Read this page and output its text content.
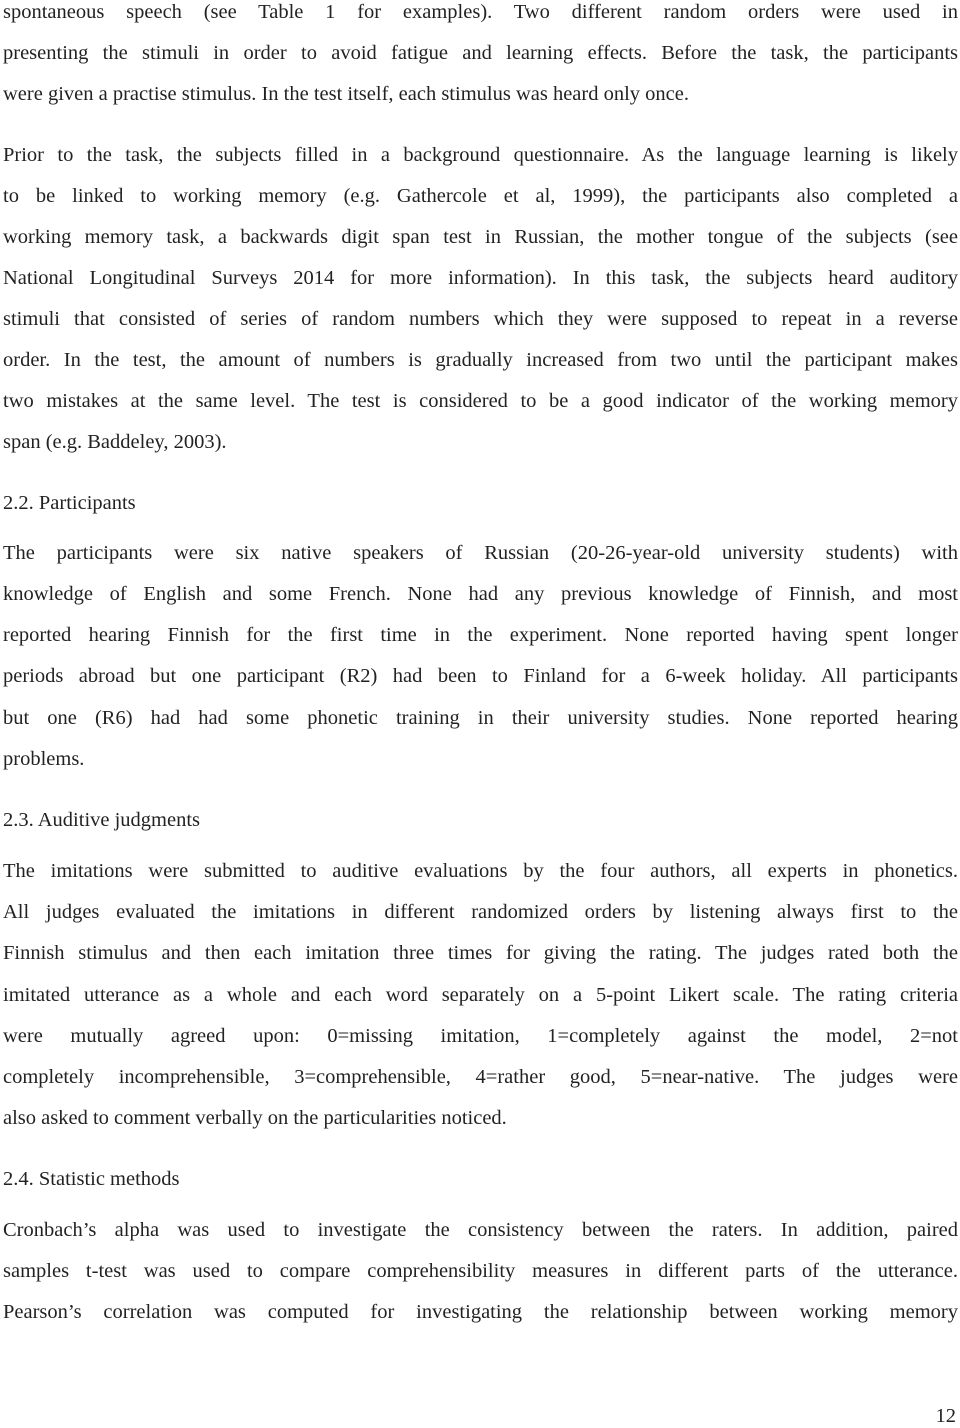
spontaneous speech (see Table 1 for examples). Two different random orders were used in
presenting the stimuli in order to avoid fatigue and learning effects. Before the task, the participants
were given a practise stimulus. In the test itself, each stimulus was heard only once.
Prior to the task, the subjects filled in a background questionnaire. As the language learning is likely
to be linked to working memory (e.g. Gathercole et al, 1999), the participants also completed a
working memory task, a backwards digit span test in Russian, the mother tongue of the subjects (see
National Longitudinal Surveys 2014 for more information). In this task, the subjects heard auditory
stimuli that consisted of series of random numbers which they were supposed to repeat in a reverse
order. In the test, the amount of numbers is gradually increased from two until the participant makes
two mistakes at the same level. The test is considered to be a good indicator of the working memory
span (e.g. Baddeley, 2003).
2.2. Participants
The participants were six native speakers of Russian (20-26-year-old university students) with
knowledge of English and some French. None had any previous knowledge of Finnish, and most
reported hearing Finnish for the first time in the experiment. None reported having spent longer
periods abroad but one participant (R2) had been to Finland for a 6-week holiday. All participants
but one (R6) had had some phonetic training in their university studies. None reported hearing
problems.
2.3. Auditive judgments
The imitations were submitted to auditive evaluations by the four authors, all experts in phonetics.
All judges evaluated the imitations in different randomized orders by listening always first to the
Finnish stimulus and then each imitation three times for giving the rating. The judges rated both the
imitated utterance as a whole and each word separately on a 5-point Likert scale. The rating criteria
were mutually agreed upon: 0=missing imitation, 1=completely against the model, 2=not
completely incomprehensible, 3=comprehensible, 4=rather good, 5=near-native. The judges were
also asked to comment verbally on the particularities noticed.
2.4. Statistic methods
Cronbach’s alpha was used to investigate the consistency between the raters. In addition, paired
samples t-test was used to compare comprehensibility measures in different parts of the utterance.
Pearson’s correlation was computed for investigating the relationship between working memory
12
